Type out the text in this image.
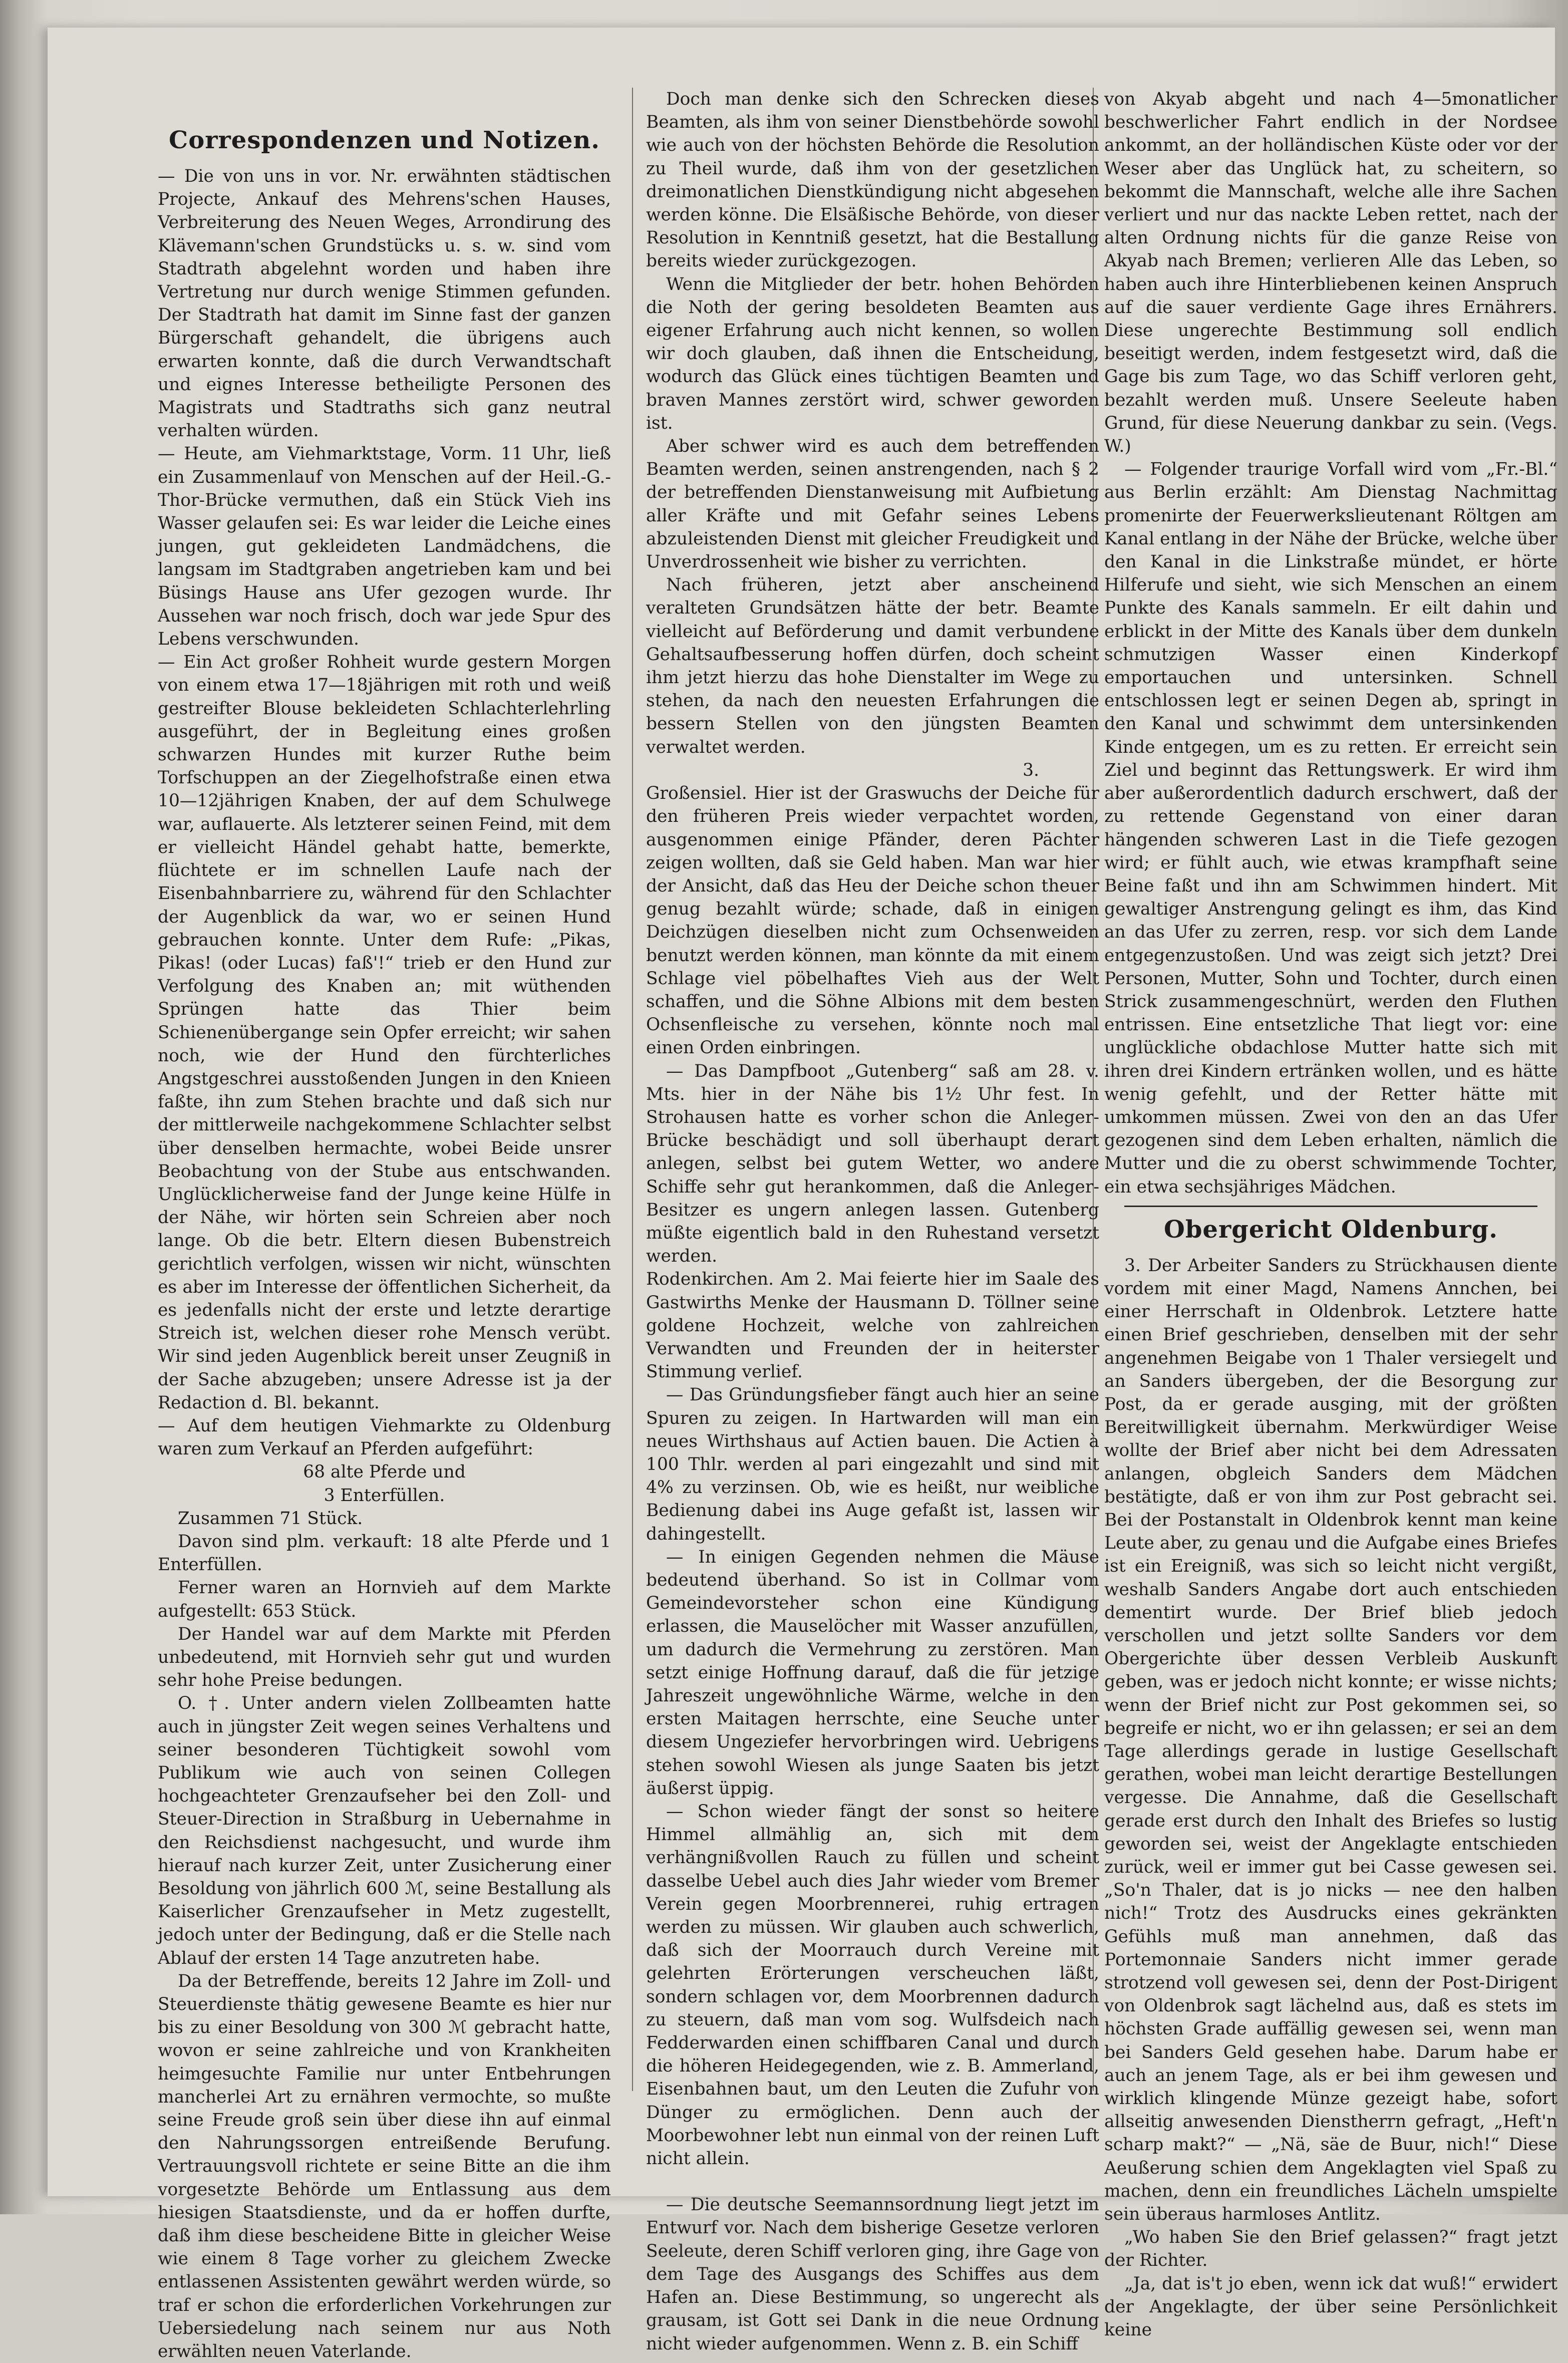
Correspondenzen und Notizen.

— Die von uns in vor. Nr. erwähnten städtischen Projecte, Ankauf des Mehrens'schen Hauses, Verbreiterung des Neuen Weges, Arrondirung des Klävemann'schen Grundstücks u. s. w. sind vom Stadtrath abgelehnt worden und haben ihre Vertretung nur durch wenige Stimmen gefunden. Der Stadtrath hat damit im Sinne fast der ganzen Bürgerschaft gehandelt, die übrigens auch erwarten konnte, daß die durch Verwandtschaft und eignes Interesse betheiligte Personen des Magistrats und Stadtraths sich ganz neutral verhalten würden.

— Heute, am Viehmarktstage, Vorm. 11 Uhr, ließ ein Zusammenlauf von Menschen auf der Heil.-G.-Thor-Brücke vermuthen, daß ein Stück Vieh ins Wasser gelaufen sei: Es war leider die Leiche eines jungen, gut gekleideten Landmädchens, die langsam im Stadtgraben angetrieben kam und bei Büsings Hause ans Ufer gezogen wurde. Ihr Aussehen war noch frisch, doch war jede Spur des Lebens verschwunden.

— Ein Act großer Rohheit wurde gestern Morgen von einem etwa 17—18jährigen mit roth und weiß gestreifter Blouse bekleideten Schlachterlehrling ausgeführt, der in Begleitung eines großen schwarzen Hundes mit kurzer Ruthe beim Torfschuppen an der Ziegelhofstraße einen etwa 10—12jährigen Knaben, der auf dem Schulwege war, auflauerte. Als letzterer seinen Feind, mit dem er vielleicht Händel gehabt hatte, bemerkte, flüchtete er im schnellen Laufe nach der Eisenbahnbarriere zu, während für den Schlachter der Augenblick da war, wo er seinen Hund gebrauchen konnte. Unter dem Rufe: „Pikas, Pikas! (oder Lucas) faß'!“ trieb er den Hund zur Verfolgung des Knaben an; mit wüthenden Sprüngen hatte das Thier beim Schienenübergange sein Opfer erreicht; wir sahen noch, wie der Hund den fürchterliches Angstgeschrei ausstoßenden Jungen in den Knieen faßte, ihn zum Stehen brachte und daß sich nur der mittlerweile nachgekommene Schlachter selbst über denselben hermachte, wobei Beide unsrer Beobachtung von der Stube aus entschwanden. Unglücklicherweise fand der Junge keine Hülfe in der Nähe, wir hörten sein Schreien aber noch lange. Ob die betr. Eltern diesen Bubenstreich gerichtlich verfolgen, wissen wir nicht, wünschten es aber im Interesse der öffentlichen Sicherheit, da es jedenfalls nicht der erste und letzte derartige Streich ist, welchen dieser rohe Mensch verübt. Wir sind jeden Augenblick bereit unser Zeugniß in der Sache abzugeben; unsere Adresse ist ja der Redaction d. Bl. bekannt.

— Auf dem heutigen Viehmarkte zu Oldenburg waren zum Verkauf an Pferden aufgeführt:

68 alte Pferde und

3 Enterfüllen.

Zusammen 71 Stück.

Davon sind plm. verkauft: 18 alte Pferde und 1 Enterfüllen.

Ferner waren an Hornvieh auf dem Markte aufgestellt: 653 Stück.

Der Handel war auf dem Markte mit Pferden unbedeutend, mit Hornvieh sehr gut und wurden sehr hohe Preise bedungen.

O. †. Unter andern vielen Zollbeamten hatte auch in jüngster Zeit wegen seines Verhaltens und seiner besonderen Tüchtigkeit sowohl vom Publikum wie auch von seinen Collegen hochgeachteter Grenzaufseher bei den Zoll- und Steuer-Direction in Straßburg in Uebernahme in den Reichsdienst nachgesucht, und wurde ihm hierauf nach kurzer Zeit, unter Zusicherung einer Besoldung von jährlich 600 ℳ, seine Bestallung als Kaiserlicher Grenzaufseher in Metz zugestellt, jedoch unter der Bedingung, daß er die Stelle nach Ablauf der ersten 14 Tage anzutreten habe.

Da der Betreffende, bereits 12 Jahre im Zoll- und Steuerdienste thätig gewesene Beamte es hier nur bis zu einer Besoldung von 300 ℳ gebracht hatte, wovon er seine zahlreiche und von Krankheiten heimgesuchte Familie nur unter Entbehrungen mancherlei Art zu ernähren vermochte, so mußte seine Freude groß sein über diese ihn auf einmal den Nahrungssorgen entreißende Berufung. Vertrauungsvoll richtete er seine Bitte an die ihm vorgesetzte Behörde um Entlassung aus dem hiesigen Staatsdienste, und da er hoffen durfte, daß ihm diese bescheidene Bitte in gleicher Weise wie einem 8 Tage vorher zu gleichem Zwecke entlassenen Assistenten gewährt werden würde, so traf er schon die erforderlichen Vorkehrungen zur Uebersiedelung nach seinem nur aus Noth erwählten neuen Vaterlande.

Doch man denke sich den Schrecken dieses Beamten, als ihm von seiner Dienstbehörde sowohl wie auch von der höchsten Behörde die Resolution zu Theil wurde, daß ihm von der gesetzlichen dreimonatlichen Dienstkündigung nicht abgesehen werden könne. Die Elsäßische Behörde, von dieser Resolution in Kenntniß gesetzt, hat die Bestallung bereits wieder zurückgezogen.

Wenn die Mitglieder der betr. hohen Behörden die Noth der gering besoldeten Beamten aus eigener Erfahrung auch nicht kennen, so wollen wir doch glauben, daß ihnen die Entscheidung, wodurch das Glück eines tüchtigen Beamten und braven Mannes zerstört wird, schwer geworden ist.

Aber schwer wird es auch dem betreffenden Beamten werden, seinen anstrengenden, nach § 2 der betreffenden Dienstanweisung mit Aufbietung aller Kräfte und mit Gefahr seines Lebens abzuleistenden Dienst mit gleicher Freudigkeit und Unverdrossenheit wie bisher zu verrichten.

Nach früheren, jetzt aber anscheinend veralteten Grundsätzen hätte der betr. Beamte vielleicht auf Beförderung und damit verbundene Gehaltsaufbesserung hoffen dürfen, doch scheint ihm jetzt hierzu das hohe Dienstalter im Wege zu stehen, da nach den neuesten Erfahrungen die bessern Stellen von den jüngsten Beamten verwaltet werden.

3.

Großensiel. Hier ist der Graswuchs der Deiche für den früheren Preis wieder verpachtet worden, ausgenommen einige Pfänder, deren Pächter zeigen wollten, daß sie Geld haben. Man war hier der Ansicht, daß das Heu der Deiche schon theuer genug bezahlt würde; schade, daß in einigen Deichzügen dieselben nicht zum Ochsenweiden benutzt werden können, man könnte da mit einem Schlage viel pöbelhaftes Vieh aus der Welt schaffen, und die Söhne Albions mit dem besten Ochsenfleische zu versehen, könnte noch mal einen Orden einbringen.

— Das Dampfboot „Gutenberg“ saß am 28. v. Mts. hier in der Nähe bis 1½ Uhr fest. In Strohausen hatte es vorher schon die Anleger-Brücke beschädigt und soll überhaupt derart anlegen, selbst bei gutem Wetter, wo andere Schiffe sehr gut herankommen, daß die Anleger-Besitzer es ungern anlegen lassen. Gutenberg müßte eigentlich bald in den Ruhestand versetzt werden.

Rodenkirchen. Am 2. Mai feierte hier im Saale des Gastwirths Menke der Hausmann D. Töllner seine goldene Hochzeit, welche von zahlreichen Verwandten und Freunden der in heiterster Stimmung verlief.

— Das Gründungsfieber fängt auch hier an seine Spuren zu zeigen. In Hartwarden will man ein neues Wirthshaus auf Actien bauen. Die Actien à 100 Thlr. werden al pari eingezahlt und sind mit 4% zu verzinsen. Ob, wie es heißt, nur weibliche Bedienung dabei ins Auge gefaßt ist, lassen wir dahingestellt.

— In einigen Gegenden nehmen die Mäuse bedeutend überhand. So ist in Collmar vom Gemeindevorsteher schon eine Kündigung erlassen, die Mauselöcher mit Wasser anzufüllen, um dadurch die Vermehrung zu zerstören. Man setzt einige Hoffnung darauf, daß die für jetzige Jahreszeit ungewöhnliche Wärme, welche in den ersten Maitagen herrschte, eine Seuche unter diesem Ungeziefer hervorbringen wird. Uebrigens stehen sowohl Wiesen als junge Saaten bis jetzt äußerst üppig.

— Schon wieder fängt der sonst so heitere Himmel allmählig an, sich mit dem verhängnißvollen Rauch zu füllen und scheint dasselbe Uebel auch dies Jahr wieder vom Bremer Verein gegen Moorbrennerei, ruhig ertragen werden zu müssen. Wir glauben auch schwerlich, daß sich der Moorrauch durch Vereine mit gelehrten Erörterungen verscheuchen läßt, sondern schlagen vor, dem Moorbrennen dadurch zu steuern, daß man vom sog. Wulfsdeich nach Fedderwarden einen schiffbaren Canal und durch die höheren Heidegegenden, wie z. B. Ammerland, Eisenbahnen baut, um den Leuten die Zufuhr von Dünger zu ermöglichen. Denn auch der Moorbewohner lebt nun einmal von der reinen Luft nicht allein.

— Die deutsche Seemannsordnung liegt jetzt im Entwurf vor. Nach dem bisherige Gesetze verloren Seeleute, deren Schiff verloren ging, ihre Gage von dem Tage des Ausgangs des Schiffes aus dem Hafen an. Diese Bestimmung, so ungerecht als grausam, ist Gott sei Dank in die neue Ordnung nicht wieder aufgenommen. Wenn z. B. ein Schiff

von Akyab abgeht und nach 4—5monatlicher beschwerlicher Fahrt endlich in der Nordsee ankommt, an der holländischen Küste oder vor der Weser aber das Unglück hat, zu scheitern, so bekommt die Mannschaft, welche alle ihre Sachen verliert und nur das nackte Leben rettet, nach der alten Ordnung nichts für die ganze Reise von Akyab nach Bremen; verlieren Alle das Leben, so haben auch ihre Hinterbliebenen keinen Anspruch auf die sauer verdiente Gage ihres Ernährers. Diese ungerechte Bestimmung soll endlich beseitigt werden, indem festgesetzt wird, daß die Gage bis zum Tage, wo das Schiff verloren geht, bezahlt werden muß. Unsere Seeleute haben Grund, für diese Neuerung dankbar zu sein. (Vegs. W.)

— Folgender traurige Vorfall wird vom „Fr.-Bl.“ aus Berlin erzählt: Am Dienstag Nachmittag promenirte der Feuerwerkslieutenant Röltgen am Kanal entlang in der Nähe der Brücke, welche über den Kanal in die Linkstraße mündet, er hörte Hilferufe und sieht, wie sich Menschen an einem Punkte des Kanals sammeln. Er eilt dahin und erblickt in der Mitte des Kanals über dem dunkeln schmutzigen Wasser einen Kinderkopf emportauchen und untersinken. Schnell entschlossen legt er seinen Degen ab, springt in den Kanal und schwimmt dem untersinkenden Kinde entgegen, um es zu retten. Er erreicht sein Ziel und beginnt das Rettungswerk. Er wird ihm aber außerordentlich dadurch erschwert, daß der zu rettende Gegenstand von einer daran hängenden schweren Last in die Tiefe gezogen wird; er fühlt auch, wie etwas krampfhaft seine Beine faßt und ihn am Schwimmen hindert. Mit gewaltiger Anstrengung gelingt es ihm, das Kind an das Ufer zu zerren, resp. vor sich dem Lande entgegenzustoßen. Und was zeigt sich jetzt? Drei Personen, Mutter, Sohn und Tochter, durch einen Strick zusammengeschnürt, werden den Fluthen entrissen. Eine entsetzliche That liegt vor: eine unglückliche obdachlose Mutter hatte sich mit ihren drei Kindern ertränken wollen, und es hätte wenig gefehlt, und der Retter hätte mit umkommen müssen. Zwei von den an das Ufer gezogenen sind dem Leben erhalten, nämlich die Mutter und die zu oberst schwimmende Tochter, ein etwa sechsjähriges Mädchen.

Obergericht Oldenburg.

3. Der Arbeiter Sanders zu Strückhausen diente vordem mit einer Magd, Namens Annchen, bei einer Herrschaft in Oldenbrok. Letztere hatte einen Brief geschrieben, denselben mit der sehr angenehmen Beigabe von 1 Thaler versiegelt und an Sanders übergeben, der die Besorgung zur Post, da er gerade ausging, mit der größten Bereitwilligkeit übernahm. Merkwürdiger Weise wollte der Brief aber nicht bei dem Adressaten anlangen, obgleich Sanders dem Mädchen bestätigte, daß er von ihm zur Post gebracht sei. Bei der Postanstalt in Oldenbrok kennt man keine Leute aber, zu genau und die Aufgabe eines Briefes ist ein Ereigniß, was sich so leicht nicht vergißt, weshalb Sanders Angabe dort auch entschieden dementirt wurde. Der Brief blieb jedoch verschollen und jetzt sollte Sanders vor dem Obergerichte über dessen Verbleib Auskunft geben, was er jedoch nicht konnte; er wisse nichts; wenn der Brief nicht zur Post gekommen sei, so begreife er nicht, wo er ihn gelassen; er sei an dem Tage allerdings gerade in lustige Gesellschaft gerathen, wobei man leicht derartige Bestellungen vergesse. Die Annahme, daß die Gesellschaft gerade erst durch den Inhalt des Briefes so lustig geworden sei, weist der Angeklagte entschieden zurück, weil er immer gut bei Casse gewesen sei. „So'n Thaler, dat is jo nicks — nee den halben nich!“ Trotz des Ausdrucks eines gekränkten Gefühls muß man annehmen, daß das Portemonnaie Sanders nicht immer gerade strotzend voll gewesen sei, denn der Post-Dirigent von Oldenbrok sagt lächelnd aus, daß es stets im höchsten Grade auffällig gewesen sei, wenn man bei Sanders Geld gesehen habe. Darum habe er auch an jenem Tage, als er bei ihm gewesen und wirklich klingende Münze gezeigt habe, sofort allseitig anwesenden Dienstherrn gefragt, „Heft'n scharp makt?“ — „Nä, säe de Buur, nich!“ Diese Aeußerung schien dem Angeklagten viel Spaß zu machen, denn ein freundliches Lächeln umspielte sein überaus harmloses Antlitz.

„Wo haben Sie den Brief gelassen?“ fragt jetzt der Richter.

„Ja, dat is't jo eben, wenn ick dat wuß!“ erwidert der Angeklagte, der über seine Persönlichkeit keine
